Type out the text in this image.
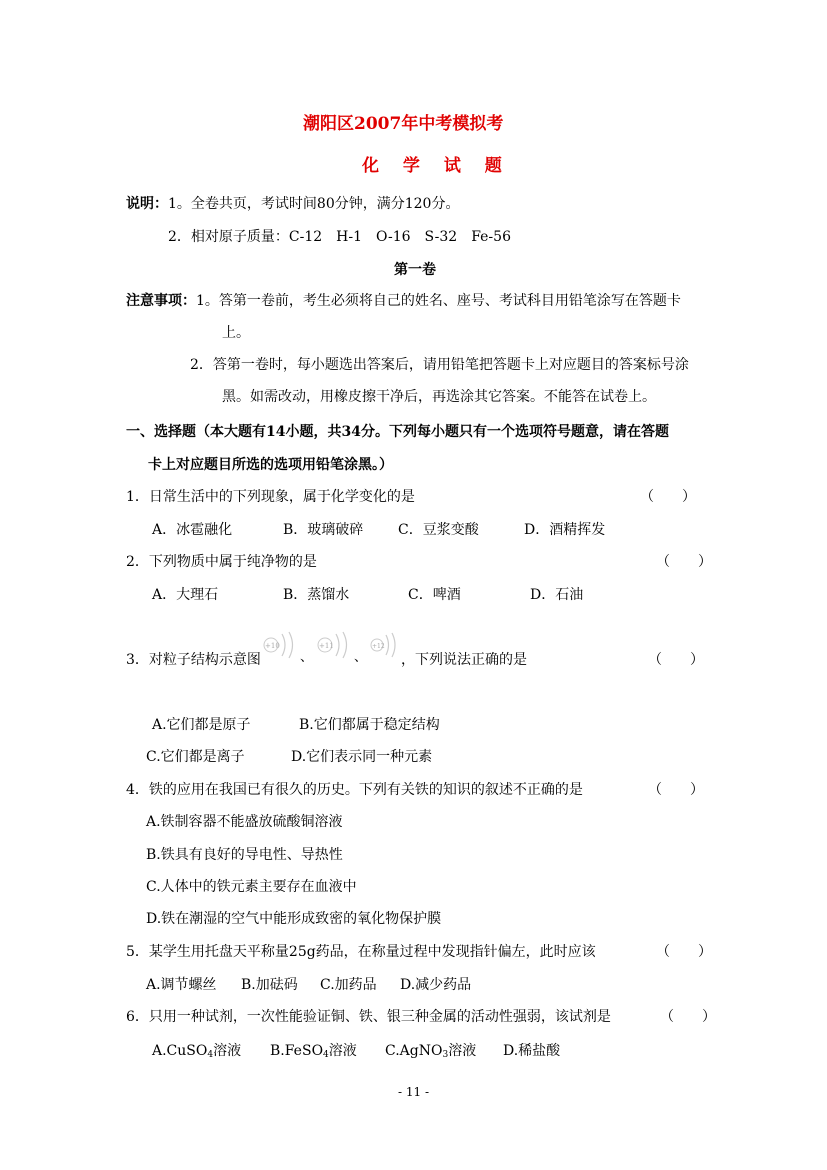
潮阳区2007年中考模拟考
化 学 试 题
说明：1。全卷共页，考试时间80分钟，满分120分。
2．相对原子质量：C-12　H-1　O-16　S-32　Fe-56
第一卷
注意事项：1。答第一卷前，考生必须将自己的姓名、座号、考试科目用铅笔涂写在答题卡
上。
2．答第一卷时，每小题选出答案后，请用铅笔把答题卡上对应题目的答案标号涂
黑。如需改动，用橡皮擦干净后，再选涂其它答案。不能答在试卷上。
一、选择题（本大题有14小题，共34分。下列每小题只有一个选项符号题意，请在答题
卡上对应题目所选的选项用铅笔涂黑。）
1．日常生活中的下列现象，属于化学变化的是	（　　）
A．冰雹融化	B．玻璃破碎 C．豆浆变酸	D．酒精挥发
2．下列物质中属于纯净物的是	（　　）
A．大理石	B．蒸馏水	C．啤酒	D．石油
3．对粒子结构示意图
+10
、
+11
、
+12
，下列说法正确的是	（　　）
A.它们都是原子	B.它们都属于稳定结构
C.它们都是离子	D.它们表示同一种元素
4．铁的应用在我国已有很久的历史。下列有关铁的知识的叙述不正确的是	（　　）
A.铁制容器不能盛放硫酸铜溶液
B.铁具有良好的导电性、导热性
C.人体中的铁元素主要存在血液中
D.铁在潮湿的空气中能形成致密的氧化物保护膜
5．某学生用托盘天平称量25g药品，在称量过程中发现指针偏左，此时应该	（　　）
A.调节螺丝 B.加砝码 C.加药品 D.减少药品
6．只用一种试剂，一次性能验证铜、铁、银三种金属的活动性强弱，该试剂是	（　　）
A.CuSO$_4$溶液 B.FeSO$_4$溶液 C.AgNO$_3$溶液 D.稀盐酸
- 11 -
